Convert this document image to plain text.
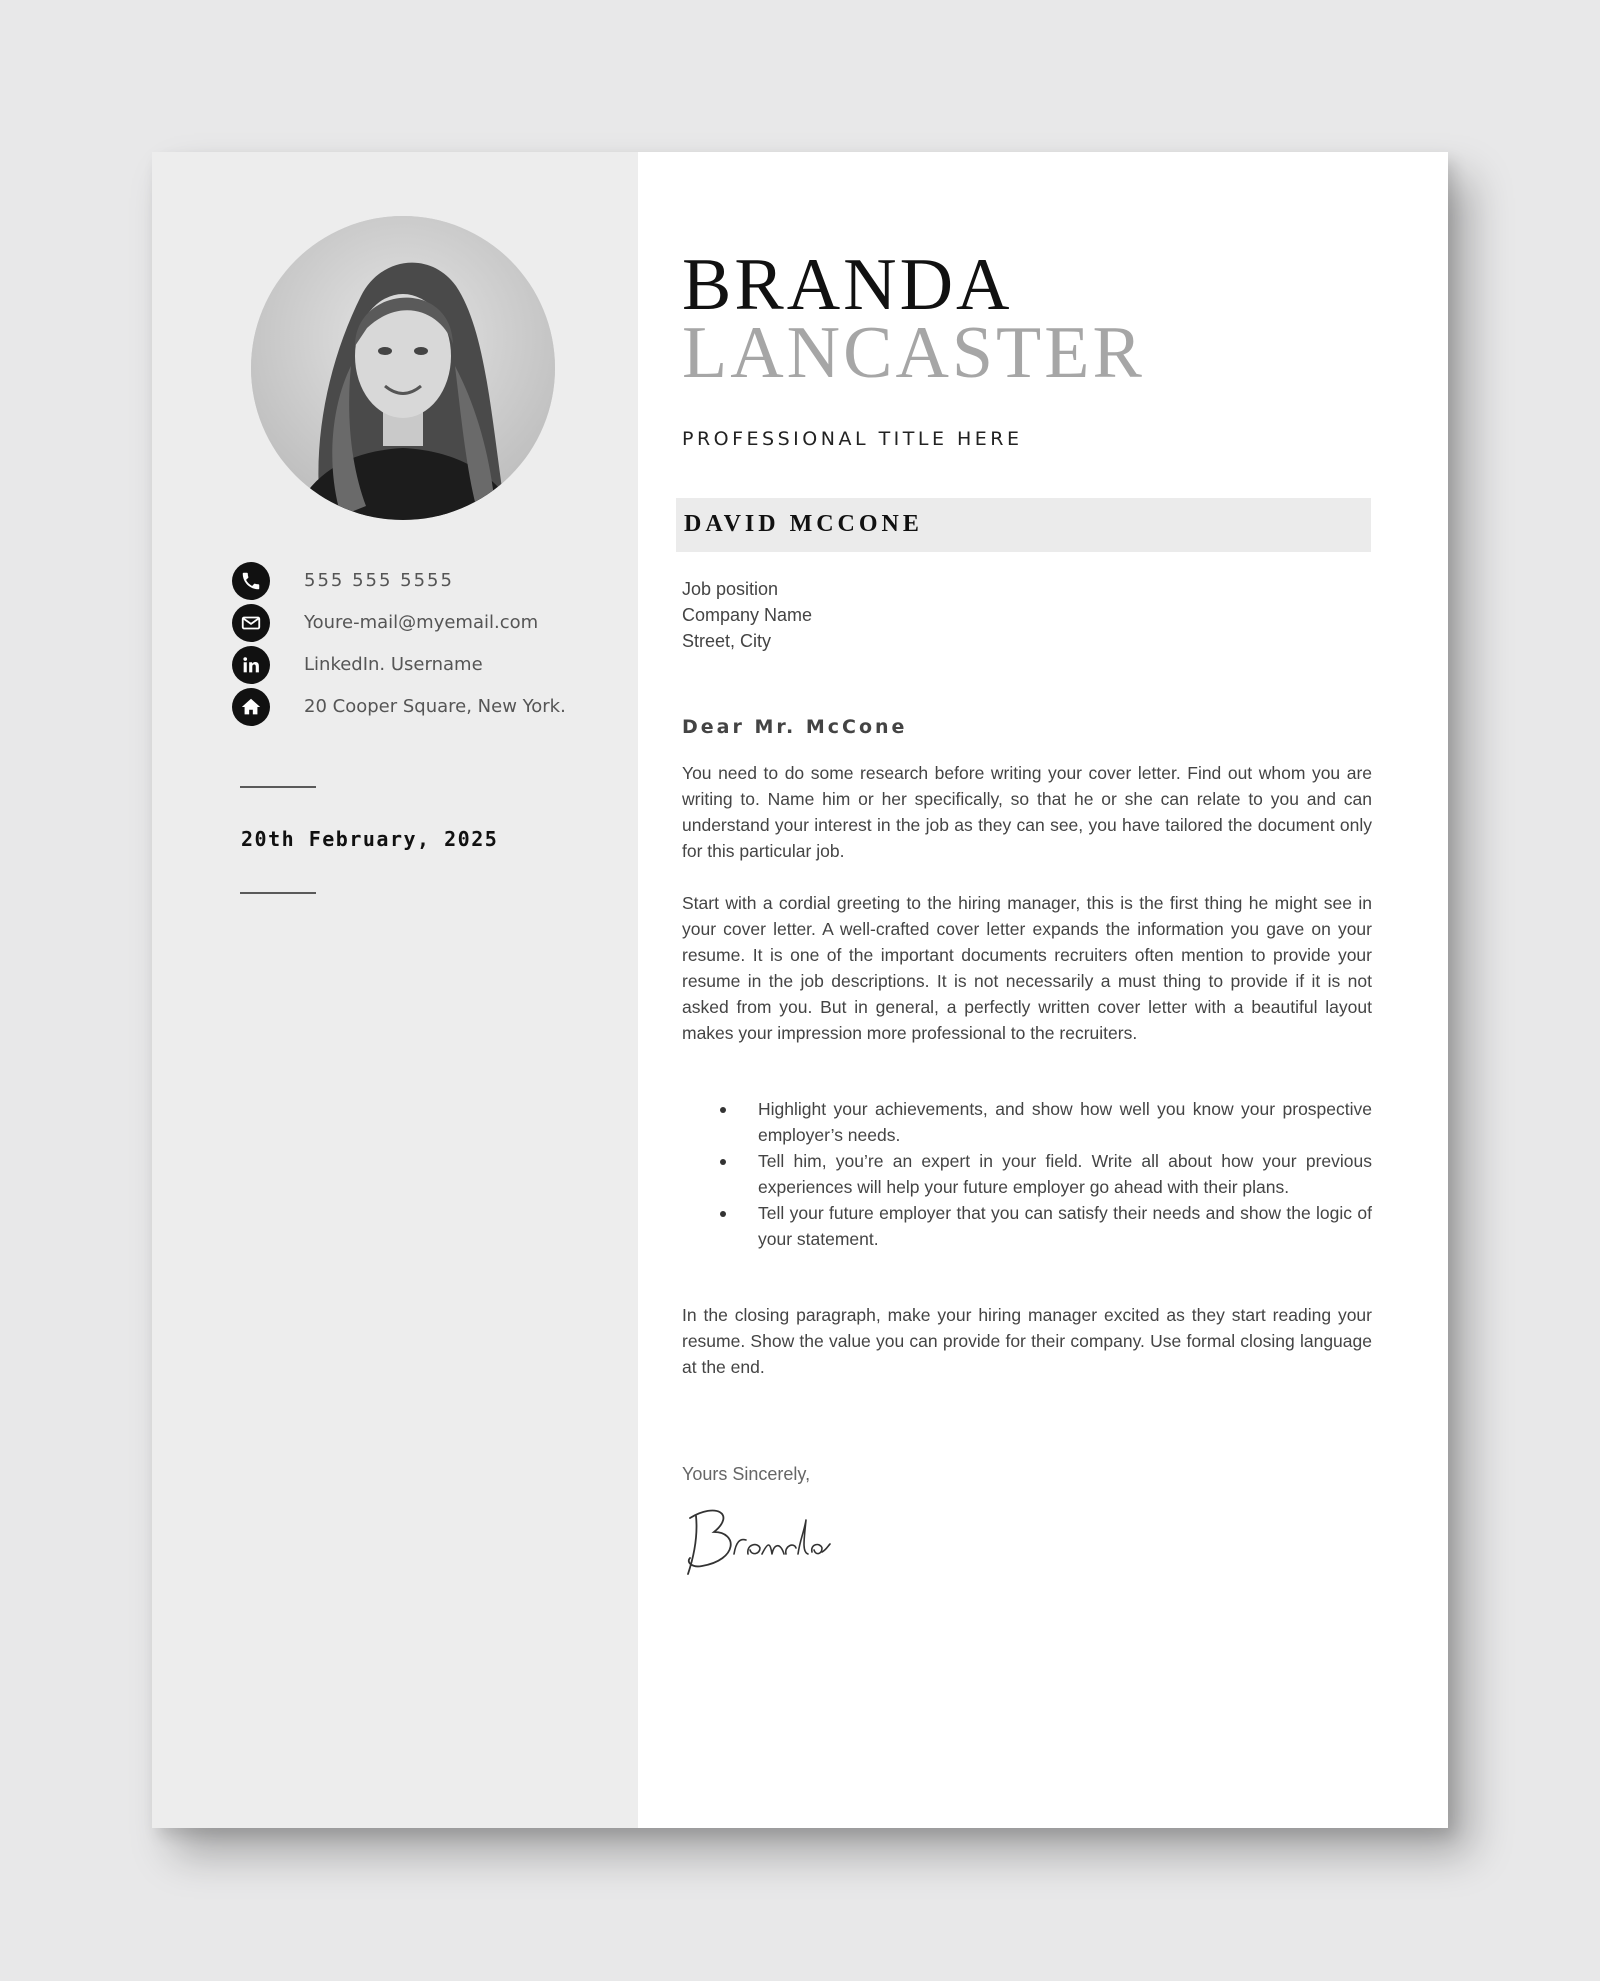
555 555 5555
Youre-mail@myemail.com
LinkedIn. Username
20 Cooper Square, New York.
20th February, 2025
BRANDA
LANCASTER
PROFESSIONAL TITLE HERE
DAVID MCCONE
Job position
Company Name
Street, City
Dear Mr. McCone
You need to do some research before writing your cover letter. Find out whom you are writing to. Name him or her specifically, so that he or she can relate to you and can understand your interest in the job as they can see, you have tailored the document only for this particular job.
Start with a cordial greeting to the hiring manager, this is the first thing he might see in your cover letter. A well-crafted cover letter expands the information you gave on your resume. It is one of the important documents recruiters often mention to provide your resume in the job descriptions. It is not necessarily a must thing to provide if it is not asked from you. But in general, a perfectly written cover letter with a beautiful layout makes your impression more professional to the recruiters.
Highlight your achievements, and show how well you know your prospective employer’s needs.
Tell him, you’re an expert in your field. Write all about how your previous experiences will help your future employer go ahead with their plans.
Tell your future employer that you can satisfy their needs and show the logic of your statement.
In the closing paragraph, make your hiring manager excited as they start reading your resume. Show the value you can provide for their company. Use formal closing language at the end.
Yours Sincerely,
